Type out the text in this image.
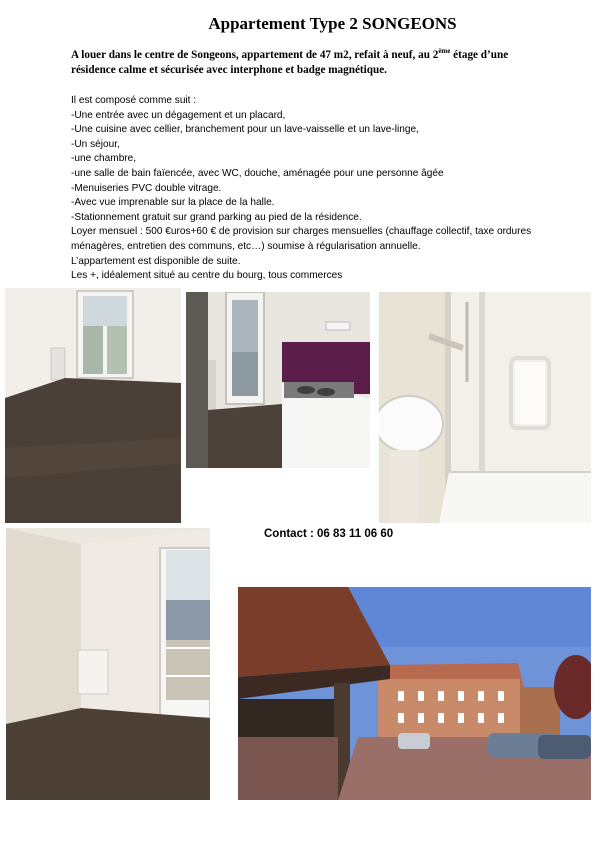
Appartement Type 2 SONGEONS
A louer dans le centre de Songeons, appartement de 47 m2, refait à neuf, au 2ème étage d’une
résidence calme et sécurisée avec interphone et badge magnétique.

Il est composé comme suit :

-Une entrée avec un dégagement et un placard,

-Une cuisine avec cellier, branchement pour un lave-vaisselle et un lave-linge,

-Un séjour,

-une chambre,

-une salle de bain faïencée, avec WC, douche, aménagée pour une personne âgée

-Menuiseries PVC double vitrage.

-Avec vue imprenable sur la place de la halle.

-Stationnement gratuit sur grand parking au pied de la résidence.

Loyer mensuel : 500 €uros+60 € de provision sur charges mensuelles (chauffage collectif, taxe ordures ménagères, entretien des communs, etc…) soumise à régularisation annuelle.

L’appartement est disponible de suite.

Les +, idéalement situé au centre du bourg, tous commerces

Contact : 06 83 11 06 60
